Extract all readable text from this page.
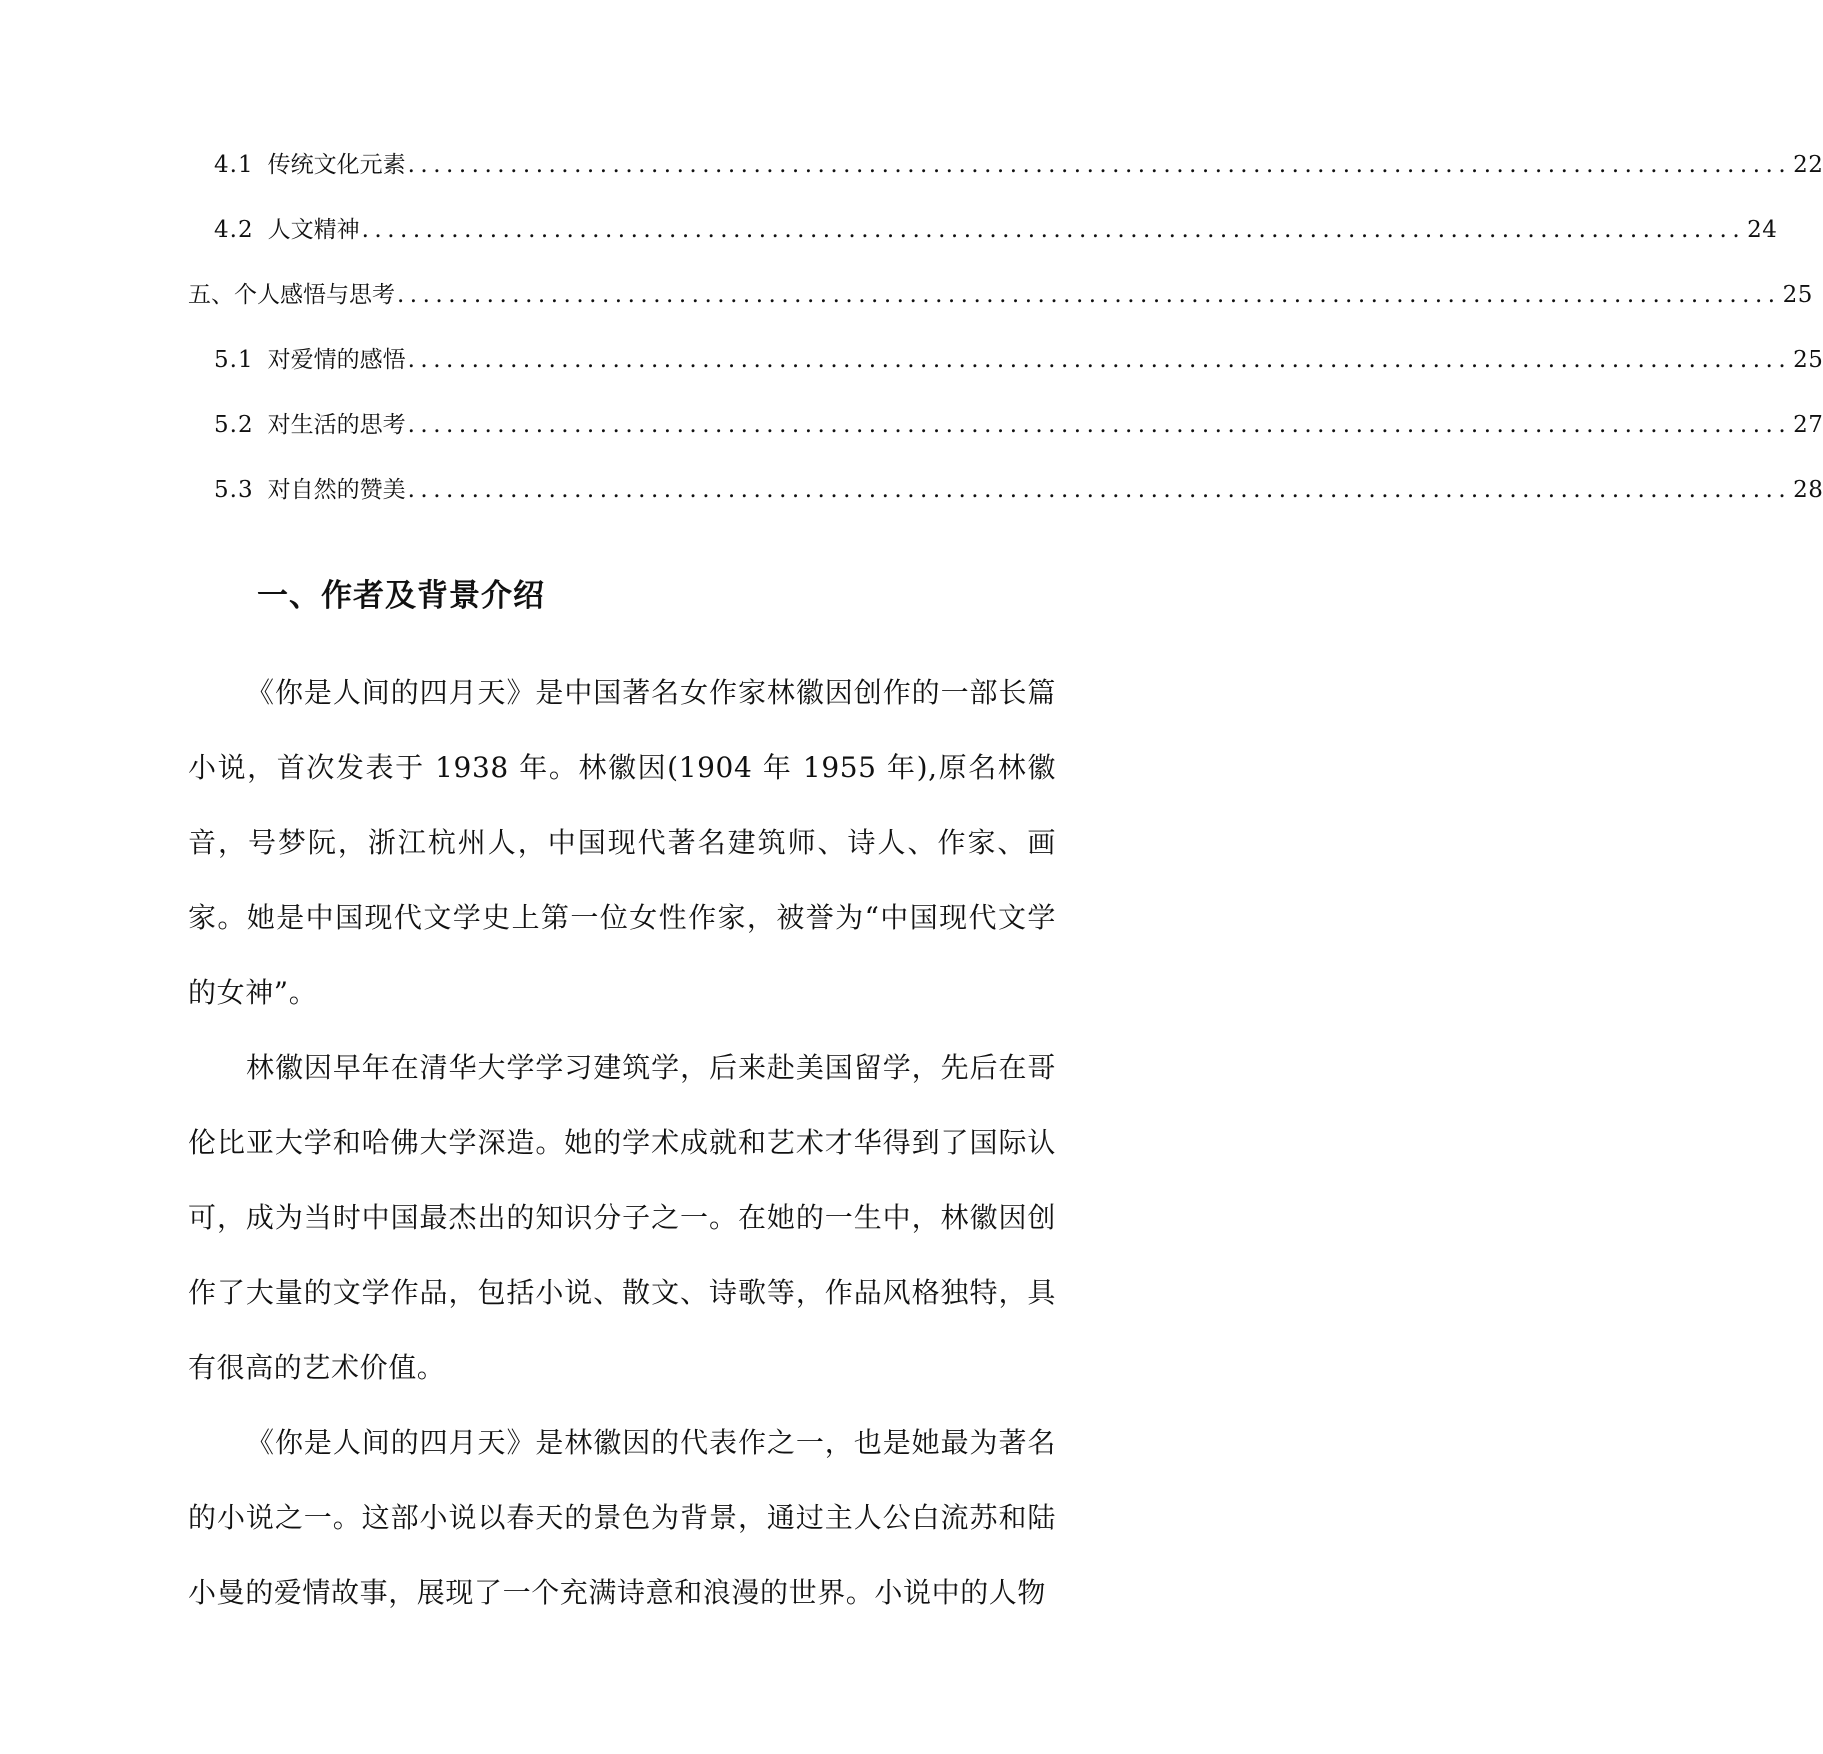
4.1 传统文化元素 ............................................................................................................ 22
4.2 人文精神 ............................................................................................................ 24
五、个人感悟与思考 ............................................................................................................ 25
5.1 对爱情的感悟 ............................................................................................................ 25
5.2 对生活的思考 ............................................................................................................ 27
5.3 对自然的赞美 ............................................................................................................ 28
一、作者及背景介绍

《你是人间的四月天》是中国著名女作家林徽因创作的一部长篇小说，首次发表于 1938 年。林徽因(1904 年 1955 年),原名林徽音，号梦阮，浙江杭州人，中国现代著名建筑师、诗人、作家、画家。她是中国现代文学史上第一位女性作家，被誉为“中国现代文学的女神”。

林徽因早年在清华大学学习建筑学，后来赴美国留学，先后在哥伦比亚大学和哈佛大学深造。她的学术成就和艺术才华得到了国际认可，成为当时中国最杰出的知识分子之一。在她的一生中，林徽因创作了大量的文学作品，包括小说、散文、诗歌等，作品风格独特，具有很高的艺术价值。

《你是人间的四月天》是林徽因的代表作之一，也是她最为著名的小说之一。这部小说以春天的景色为背景，通过主人公白流苏和陆小曼的爱情故事，展现了一个充满诗意和浪漫的世界。小说中的人物
